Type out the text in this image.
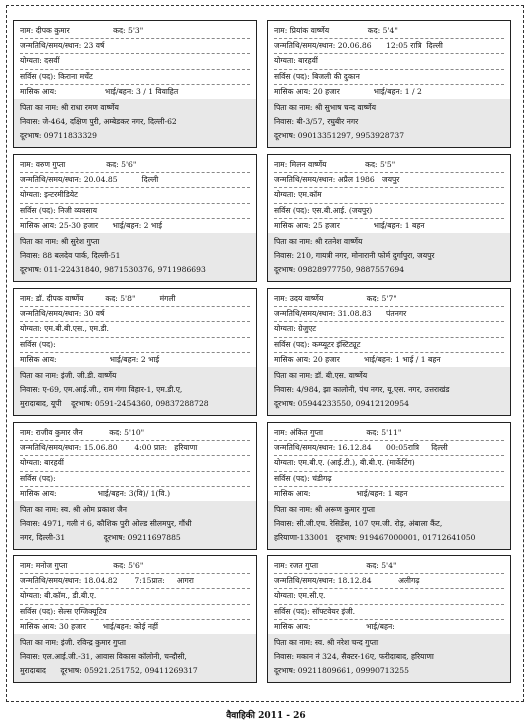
नाम: दीपक कुमार                  कद: 5'3"
जन्मतिथि/समय/स्थान: 23 वर्ष
योग्यता: दसवीं
सर्विस (पद): किराना मर्चेंट
मासिक आय:                    भाई/बहन: 3 / 1 विवाहित
पिता का नाम: श्री राधा रमण वार्ष्णेय
निवास: जे-464, दक्षिण पुरी, अम्बेडकर नगर, दिल्ली-62
दूरभाष: 09711833329
नाम: प्रियांक वार्ष्णेय                कद: 5'4"
जन्मतिथि/समय/स्थान: 20.06.86      12:05 रात्रि  दिल्ली
योग्यता: बारहवीं
सर्विस (पद): बिजली की दुकान
मासिक आय: 20 हजार              भाई/बहन: 1 / 2
पिता का नाम: श्री सुभाष चन्द वार्ष्णेय
निवास: बी-3/57, रघुबीर नगर
दूरभाष: 09013351297, 9953928737
नाम: वरुण गुप्ता                 कद: 5'6"
जन्मतिथि/समय/स्थान: 20.04.85          दिल्ली
योग्यता: इन्टरमीडियेट
सर्विस (पद): निजी व्यवसाय
मासिक आय: 25-30 हजार      भाई/बहन: 2 भाई
पिता का नाम: श्री सुरेश गुप्ता
निवास: 88 बलदेव पार्क, दिल्ली-51
दूरभाष: 011-22431840, 9871530376, 9711986693
नाम: मिलन वार्ष्णेय                कद: 5'5"
जन्मतिथि/समय/स्थान: अप्रैल 1986   जयपुर
योग्यता: एम.कॉम
सर्विस (पद): एस.बी.आई. (जयपुर)
मासिक आय: 25 हजार              भाई/बहन: 1 बहन
पिता का नाम: श्री रतनेश वार्ष्णेय
निवास: 210, गायत्री नगर, मोनारानी फोर्म दुर्गापुरा, जयपुर
दूरभाष: 09828977750, 9887557694
नाम: डॉ. दीपक वार्ष्णेय         कद: 5'8"          मंगली
जन्मतिथि/समय/स्थान: 30 वर्ष
योग्यता: एम.बी.बी.एस., एम.डी.
सर्विस (पद):
मासिक आय:                      भाई/बहन: 2 भाई
पिता का नाम: इंजी. जी.डी. वार्ष्णेय
निवास: ए-69, एम.आई.जी., राम गंगा विहार-1, एम.डी.ए,
मुरादाबाद, यूपी    दूरभाष: 0591-2454360, 09837288728
नाम: उदय वार्ष्णेय                  कद: 5'7"
जन्मतिथि/समय/स्थान: 31.08.83      पंतनगर
योग्यता: ग्रेजुएट
सर्विस (पद): कम्प्यूटर इंस्टिट्यूट
मासिक आय: 20 हजार          भाई/बहन: 1 भाई / 1 बहन
पिता का नाम: डॉ. बी.एस. वार्ष्णेय
निवास: 4/984, झा कालोनी, पंथ नगर, यू.एस. नगर, उत्तराखंड
दूरभाष: 05944233550, 09412120954
नाम: राजीव कुमार जैन           कद: 5'10"
जन्मतिथि/समय/स्थान: 15.06.80       4:00 प्रात:   हरियाणा
योग्यता: बारहवीं
सर्विस (पद):
मासिक आय:                 भाई/बहन: 3(वि)/ 1(वि.)
पिता का नाम: स्व. श्री ओम प्रकाश जैन
निवास: 4971, गली नं 6, कौशिक पुरी ओल्ड सीलमपुर, गौंधी
नगर, दिल्ली-31                दूरभाष: 09211697885
नाम: अंकित गुप्ता                  कद: 5'11"
जन्मतिथि/समय/स्थान: 16.12.84      00:05रात्रि     दिल्ली
योग्यता: एम.बी.ए. (आई.टी.), बी.बी.ए. (मार्केटिंग)
सर्विस (पद): चंडीगढ़
मासिक आय:                   भाई/बहन: 1 बहन
पिता का नाम: श्री अरूण कुमार गुप्ता
निवास: सी.जी.एच. रेसिडेंस, 107 एम.जी. रोड़, अंबाला कैंट,
हरियाणा-133001   दूरभाष: 919467000001, 01712641050
नाम: मनोज गुप्ता                   कद: 5'6"
जन्मतिथि/समय/स्थान: 18.04.82       7:15प्रात:     आगरा
योग्यता: बी.कॉम., डी.बी.ए.
सर्विस (पद): सेल्स एग्जिक्यूटिव
मासिक आय: 30 हजार       भाई/बहन: कोई नहीं
पिता का नाम: इंजी. रविन्द्र कुमार गुप्ता
निवास: एल.आई.जी.-31, आवास विकास कॉलोनी, चन्दौसी,
मुरादाबाद      दूरभाष: 05921.251752, 09411269317
नाम: रजत गुप्ता                    कद: 5'4"
जन्मतिथि/समय/स्थान: 18.12.84           अलीगढ़
योग्यता: एम.सी.ए.
सर्विस (पद): सॉफ्टवेयर इंजी.
मासिक आय:                       भाई/बहन:
पिता का नाम: स्व. श्री नरेश चन्द गुप्ता
निवास: मकान नं 324, सैक्टर-16ए, फरीदाबाद, हरियाणा
दूरभाष: 09211809661, 09990713255
वैवाहिकी 2011 - 26
